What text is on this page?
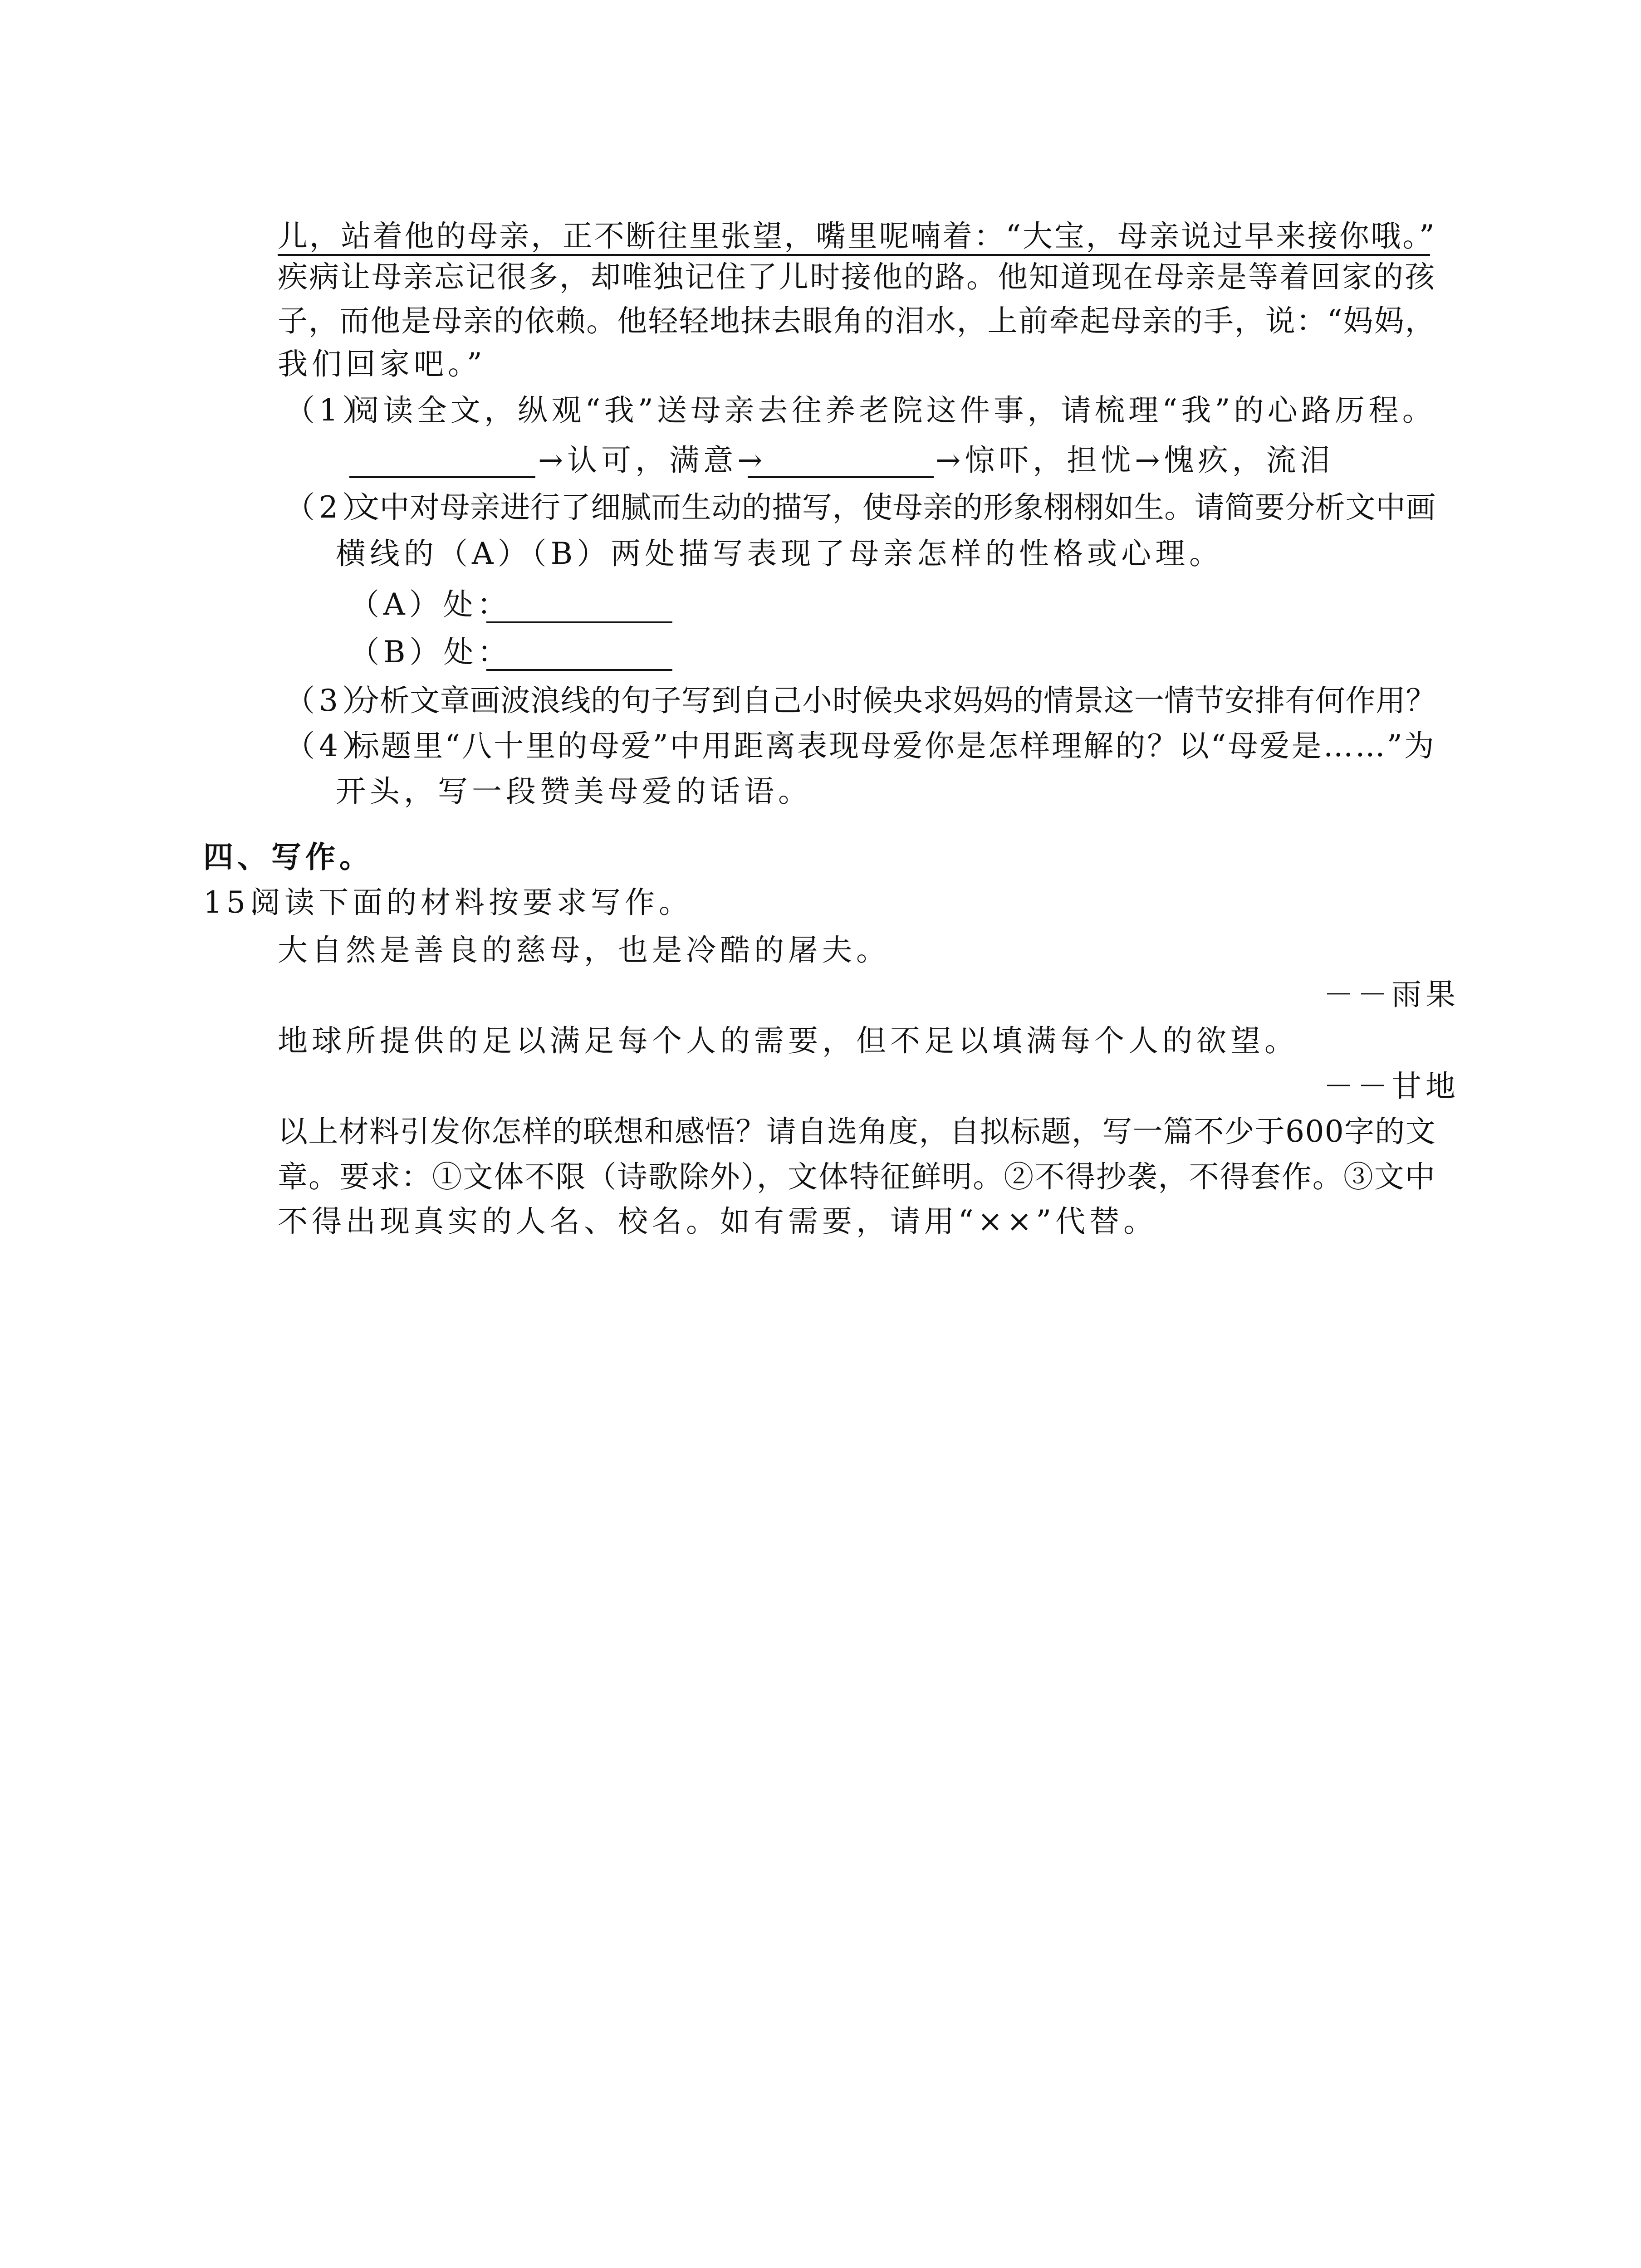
儿，站着他的母亲，正不断往里张望，嘴里呢喃着：“大宝，母亲说过早来接你哦。”
疾病让母亲忘记很多，却唯独记住了儿时接他的路。他知道现在母亲是等着回家的孩
子，而他是母亲的依赖。他轻轻地抹去眼角的泪水，上前牵起母亲的手，说：“妈妈，
我们回家吧。”
（1）
阅读全文，纵观“我”送母亲去往养老院这件事，请梳理“我”的心路历程。
→认可，满意→	→惊吓，担忧→愧疚，流泪
（2）
文中对母亲进行了细腻而生动的描写，使母亲的形象栩栩如生。请简要分析文中画
横线的（A）（B）两处描写表现了母亲怎样的性格或心理。
（A）处：
（B）处：
（3）
分析文章画波浪线的句子写到自己小时候央求妈妈的情景这一情节安排有何作用？
（4）
标题里“八十里的母爱”中用距离表现母爱你是怎样理解的？以“母爱是……”为
开头，写一段赞美母爱的话语。
四、写作。
15.
阅读下面的材料按要求写作。
大自然是善良的慈母，也是冷酷的屠夫。
－－雨果
地球所提供的足以满足每个人的需要，但不足以填满每个人的欲望。
－－甘地
以上材料引发你怎样的联想和感悟？请自选角度，自拟标题，写一篇不少于600字的文
章。要求：①文体不限（诗歌除外），文体特征鲜明。②不得抄袭，不得套作。③文中
不得出现真实的人名、校名。如有需要，请用“××”代替。
